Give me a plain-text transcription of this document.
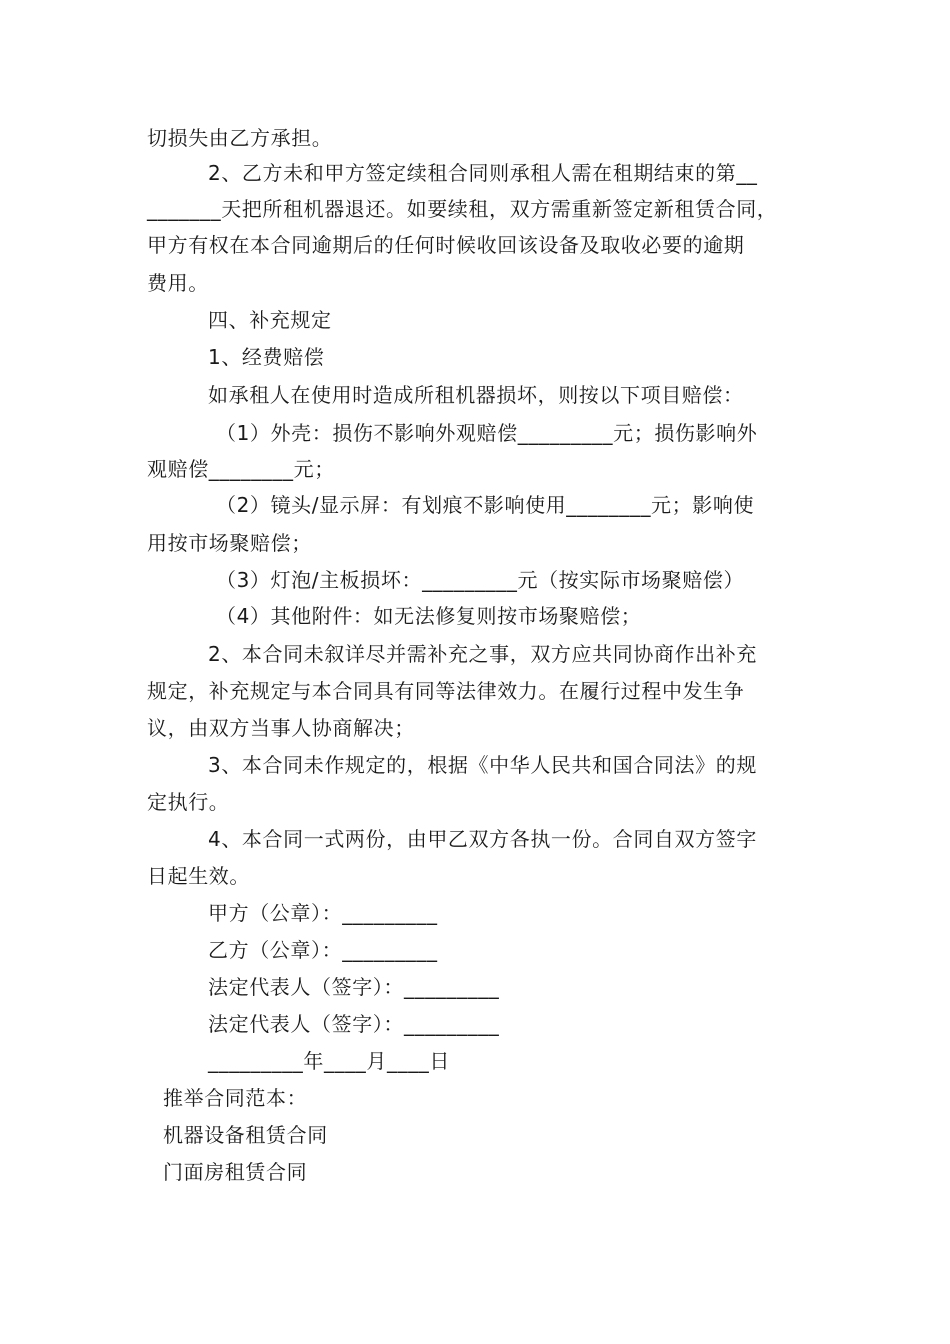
切损失由乙方承担。
2、乙方未和甲方签定续租合同则承租人需在租期结束的第__
_______天把所租机器退还。如要续租，双方需重新签定新租赁合同，
甲方有权在本合同逾期后的任何时候收回该设备及取收必要的逾期
费用。
四、补充规定
1、经费赔偿
如承租人在使用时造成所租机器损坏，则按以下项目赔偿：
（1）外壳：损伤不影响外观赔偿_________元；损伤影响外
观赔偿________元；
（2）镜头/显示屏：有划痕不影响使用________元；影响使
用按市场聚赔偿；
（3）灯泡/主板损坏：_________元（按实际市场聚赔偿）
（4）其他附件：如无法修复则按市场聚赔偿；
2、本合同未叙详尽并需补充之事，双方应共同协商作出补充
规定，补充规定与本合同具有同等法律效力。在履行过程中发生争
议，由双方当事人协商解决；
3、本合同未作规定的，根据《中华人民共和国合同法》的规
定执行。
4、本合同一式两份，由甲乙双方各执一份。合同自双方签字
日起生效。
甲方（公章）：_________
乙方（公章）：_________
法定代表人（签字）：_________
法定代表人（签字）：_________
_________年____月____日
推举合同范本：
机器设备租赁合同
门面房租赁合同
